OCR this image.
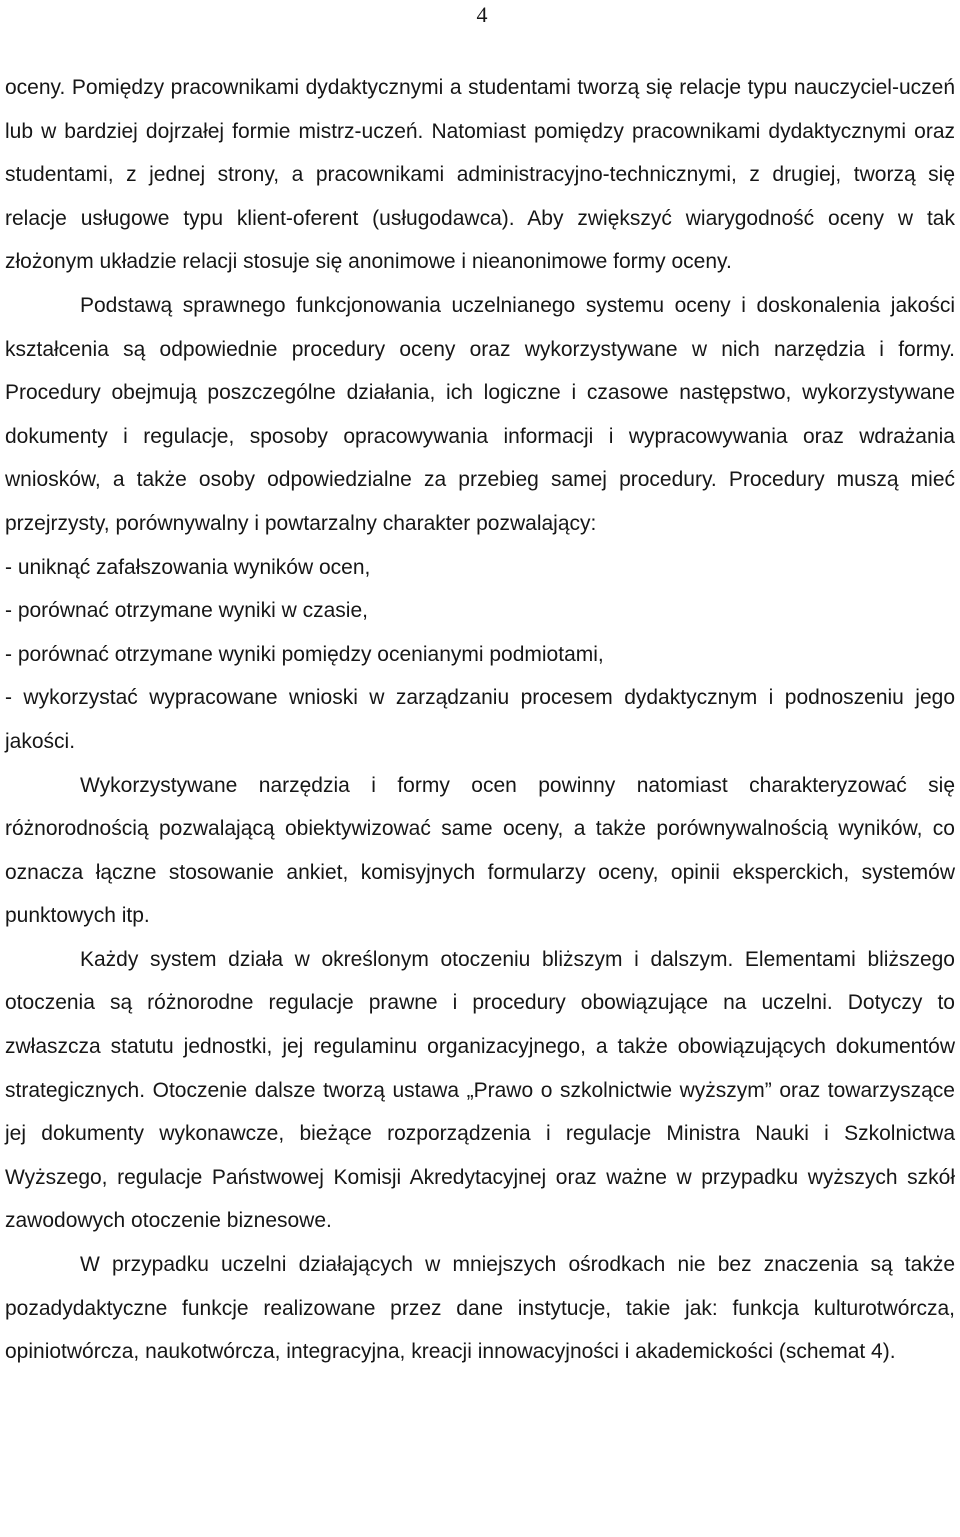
4

oceny. Pomiędzy pracownikami dydaktycznymi a studentami tworzą się relacje typu nauczyciel-uczeń lub w bardziej dojrzałej formie mistrz-uczeń. Natomiast pomiędzy pracownikami dydaktycznymi oraz studentami, z jednej strony, a pracownikami administracyjno-technicznymi, z drugiej, tworzą się relacje usługowe typu klient-oferent (usługodawca). Aby zwiększyć wiarygodność oceny w tak złożonym układzie relacji stosuje się anonimowe i nieanonimowe formy oceny.

Podstawą sprawnego funkcjonowania uczelnianego systemu oceny i doskonalenia jakości kształcenia są odpowiednie procedury oceny oraz wykorzystywane w nich narzędzia i formy. Procedury obejmują poszczególne działania, ich logiczne i czasowe następstwo, wykorzystywane dokumenty i regulacje, sposoby opracowywania informacji i wypracowywania oraz wdrażania wniosków, a także osoby odpowiedzialne za przebieg samej procedury. Procedury muszą mieć przejrzysty, porównywalny i powtarzalny charakter pozwalający:

- uniknąć zafałszowania wyników ocen,

- porównać otrzymane wyniki w czasie,

- porównać otrzymane wyniki pomiędzy ocenianymi podmiotami,

- wykorzystać wypracowane wnioski w zarządzaniu procesem dydaktycznym i podnoszeniu jego jakości.

Wykorzystywane narzędzia i formy ocen powinny natomiast charakteryzować się różnorodnością pozwalającą obiektywizować same oceny, a także porównywalnością wyników, co oznacza łączne stosowanie ankiet, komisyjnych formularzy oceny, opinii eksperckich, systemów punktowych itp.

Każdy system działa w określonym otoczeniu bliższym i dalszym. Elementami bliższego otoczenia są różnorodne regulacje prawne i procedury obowiązujące na uczelni. Dotyczy to zwłaszcza statutu jednostki, jej regulaminu organizacyjnego, a także obowiązujących dokumentów strategicznych. Otoczenie dalsze tworzą ustawa „Prawo o szkolnictwie wyższym” oraz towarzyszące jej dokumenty wykonawcze, bieżące rozporządzenia i regulacje Ministra Nauki i Szkolnictwa Wyższego, regulacje Państwowej Komisji Akredytacyjnej oraz ważne w przypadku wyższych szkół zawodowych otoczenie biznesowe.

W przypadku uczelni działających w mniejszych ośrodkach nie bez znaczenia są także pozadydaktyczne funkcje realizowane przez dane instytucje, takie jak: funkcja kulturotwórcza, opiniotwórcza, naukotwórcza, integracyjna, kreacji innowacyjności i akademickości (schemat 4).
